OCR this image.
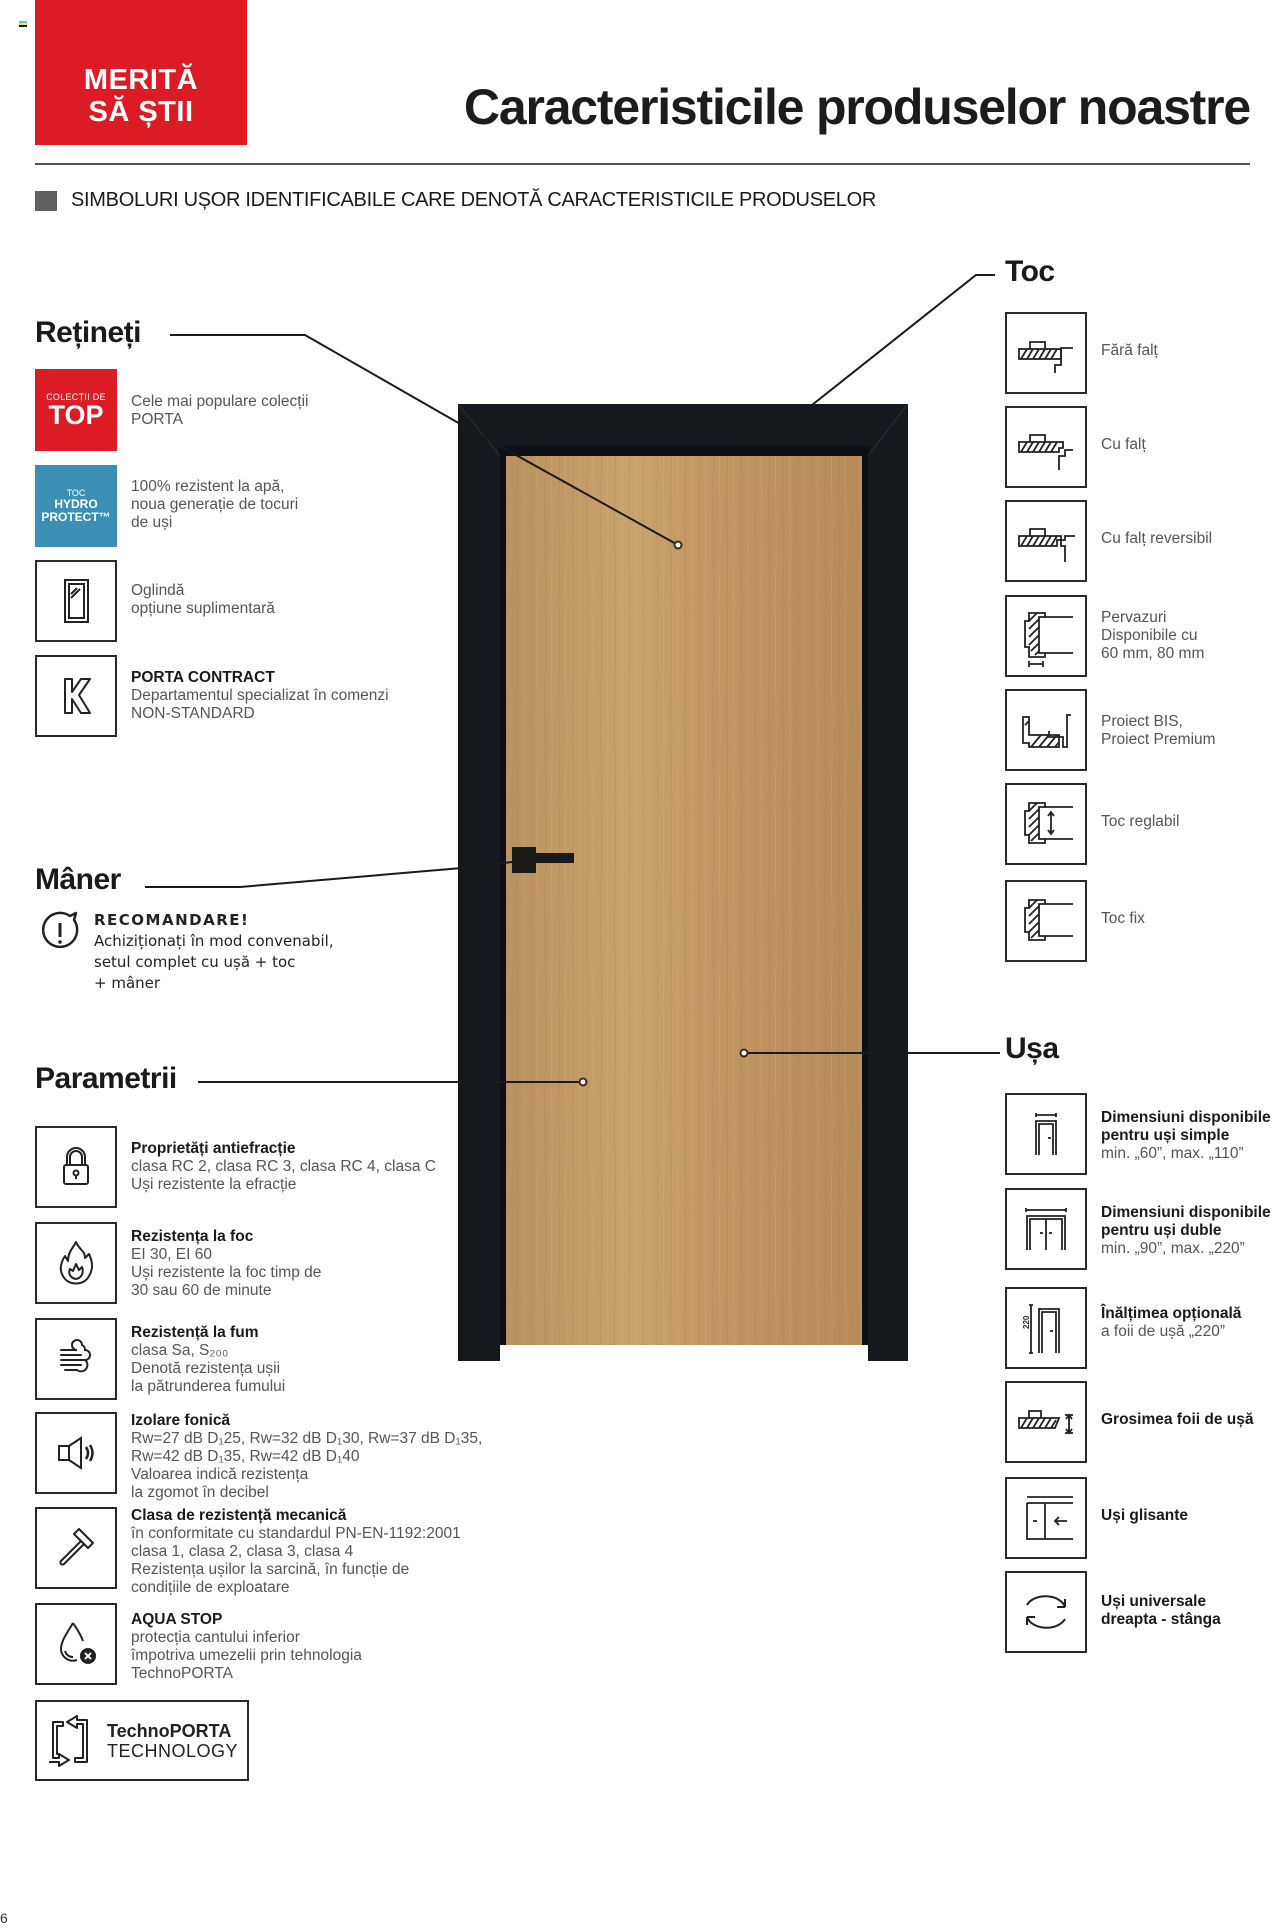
MERITĂ
SĂ ȘTII	Caracteristicile produselor noastre
SIMBOLURI UȘOR IDENTIFICABILE CARE DENOTĂ CARACTERISTICILE PRODUSELOR
Rețineți
COLECȚII DE
TOP	Cele mai populare colecții
PORTA
TOC
HYDRO
PROTECT™
100% rezistent la apă,
noua generație de tocuri
de uși
Oglindă
opțiune suplimentară
PORTA CONTRACT
Departamentul specializat în comenzi
NON-STANDARD
Mâner
RECOMANDARE!
Achiziționați în mod convenabil,
setul complet cu ușă + toc
+ mâner
Parametrii
Proprietăți antiefracție
clasa RC 2, clasa RC 3, clasa RC 4, clasa C
Uși rezistente la efracție
Rezistența la foc
EI 30, EI 60
Uși rezistente la foc timp de
30 sau 60 de minute
Rezistență la fum
clasa Sa, S₂₀₀
Denotă rezistența ușii
la pătrunderea fumului
Izolare fonică
Rw=27 dB D₁25, Rw=32 dB D₁30, Rw=37 dB D₁35,
Rw=42 dB D₁35, Rw=42 dB D₁40
Valoarea indică rezistența
la zgomot în decibel
Clasa de rezistență mecanică
în conformitate cu standardul PN-EN-1192:2001
clasa 1, clasa 2, clasa 3, clasa 4
Rezistența ușilor la sarcină, în funcție de
condițiile de exploatare
AQUA STOP
protecția cantului inferior
împotriva umezelii prin tehnologia
TechnoPORTA
TechnoPORTA
TECHNOLOGY
Toc
Fără falț
Cu falț
Cu falț reversibil
Pervazuri
Disponibile cu
60 mm, 80 mm
Proiect BIS,
Proiect Premium
Toc reglabil
Toc fix
Ușa
Dimensiuni disponibile
pentru uși simple
min. „60”, max. „110”
Dimensiuni disponibile
pentru uși duble
min. „90”, max. „220”
220
Înălțimea opțională
a foii de ușă „220”
Grosimea foii de ușă
Uși glisante
Uși universale
dreapta - stânga
6
